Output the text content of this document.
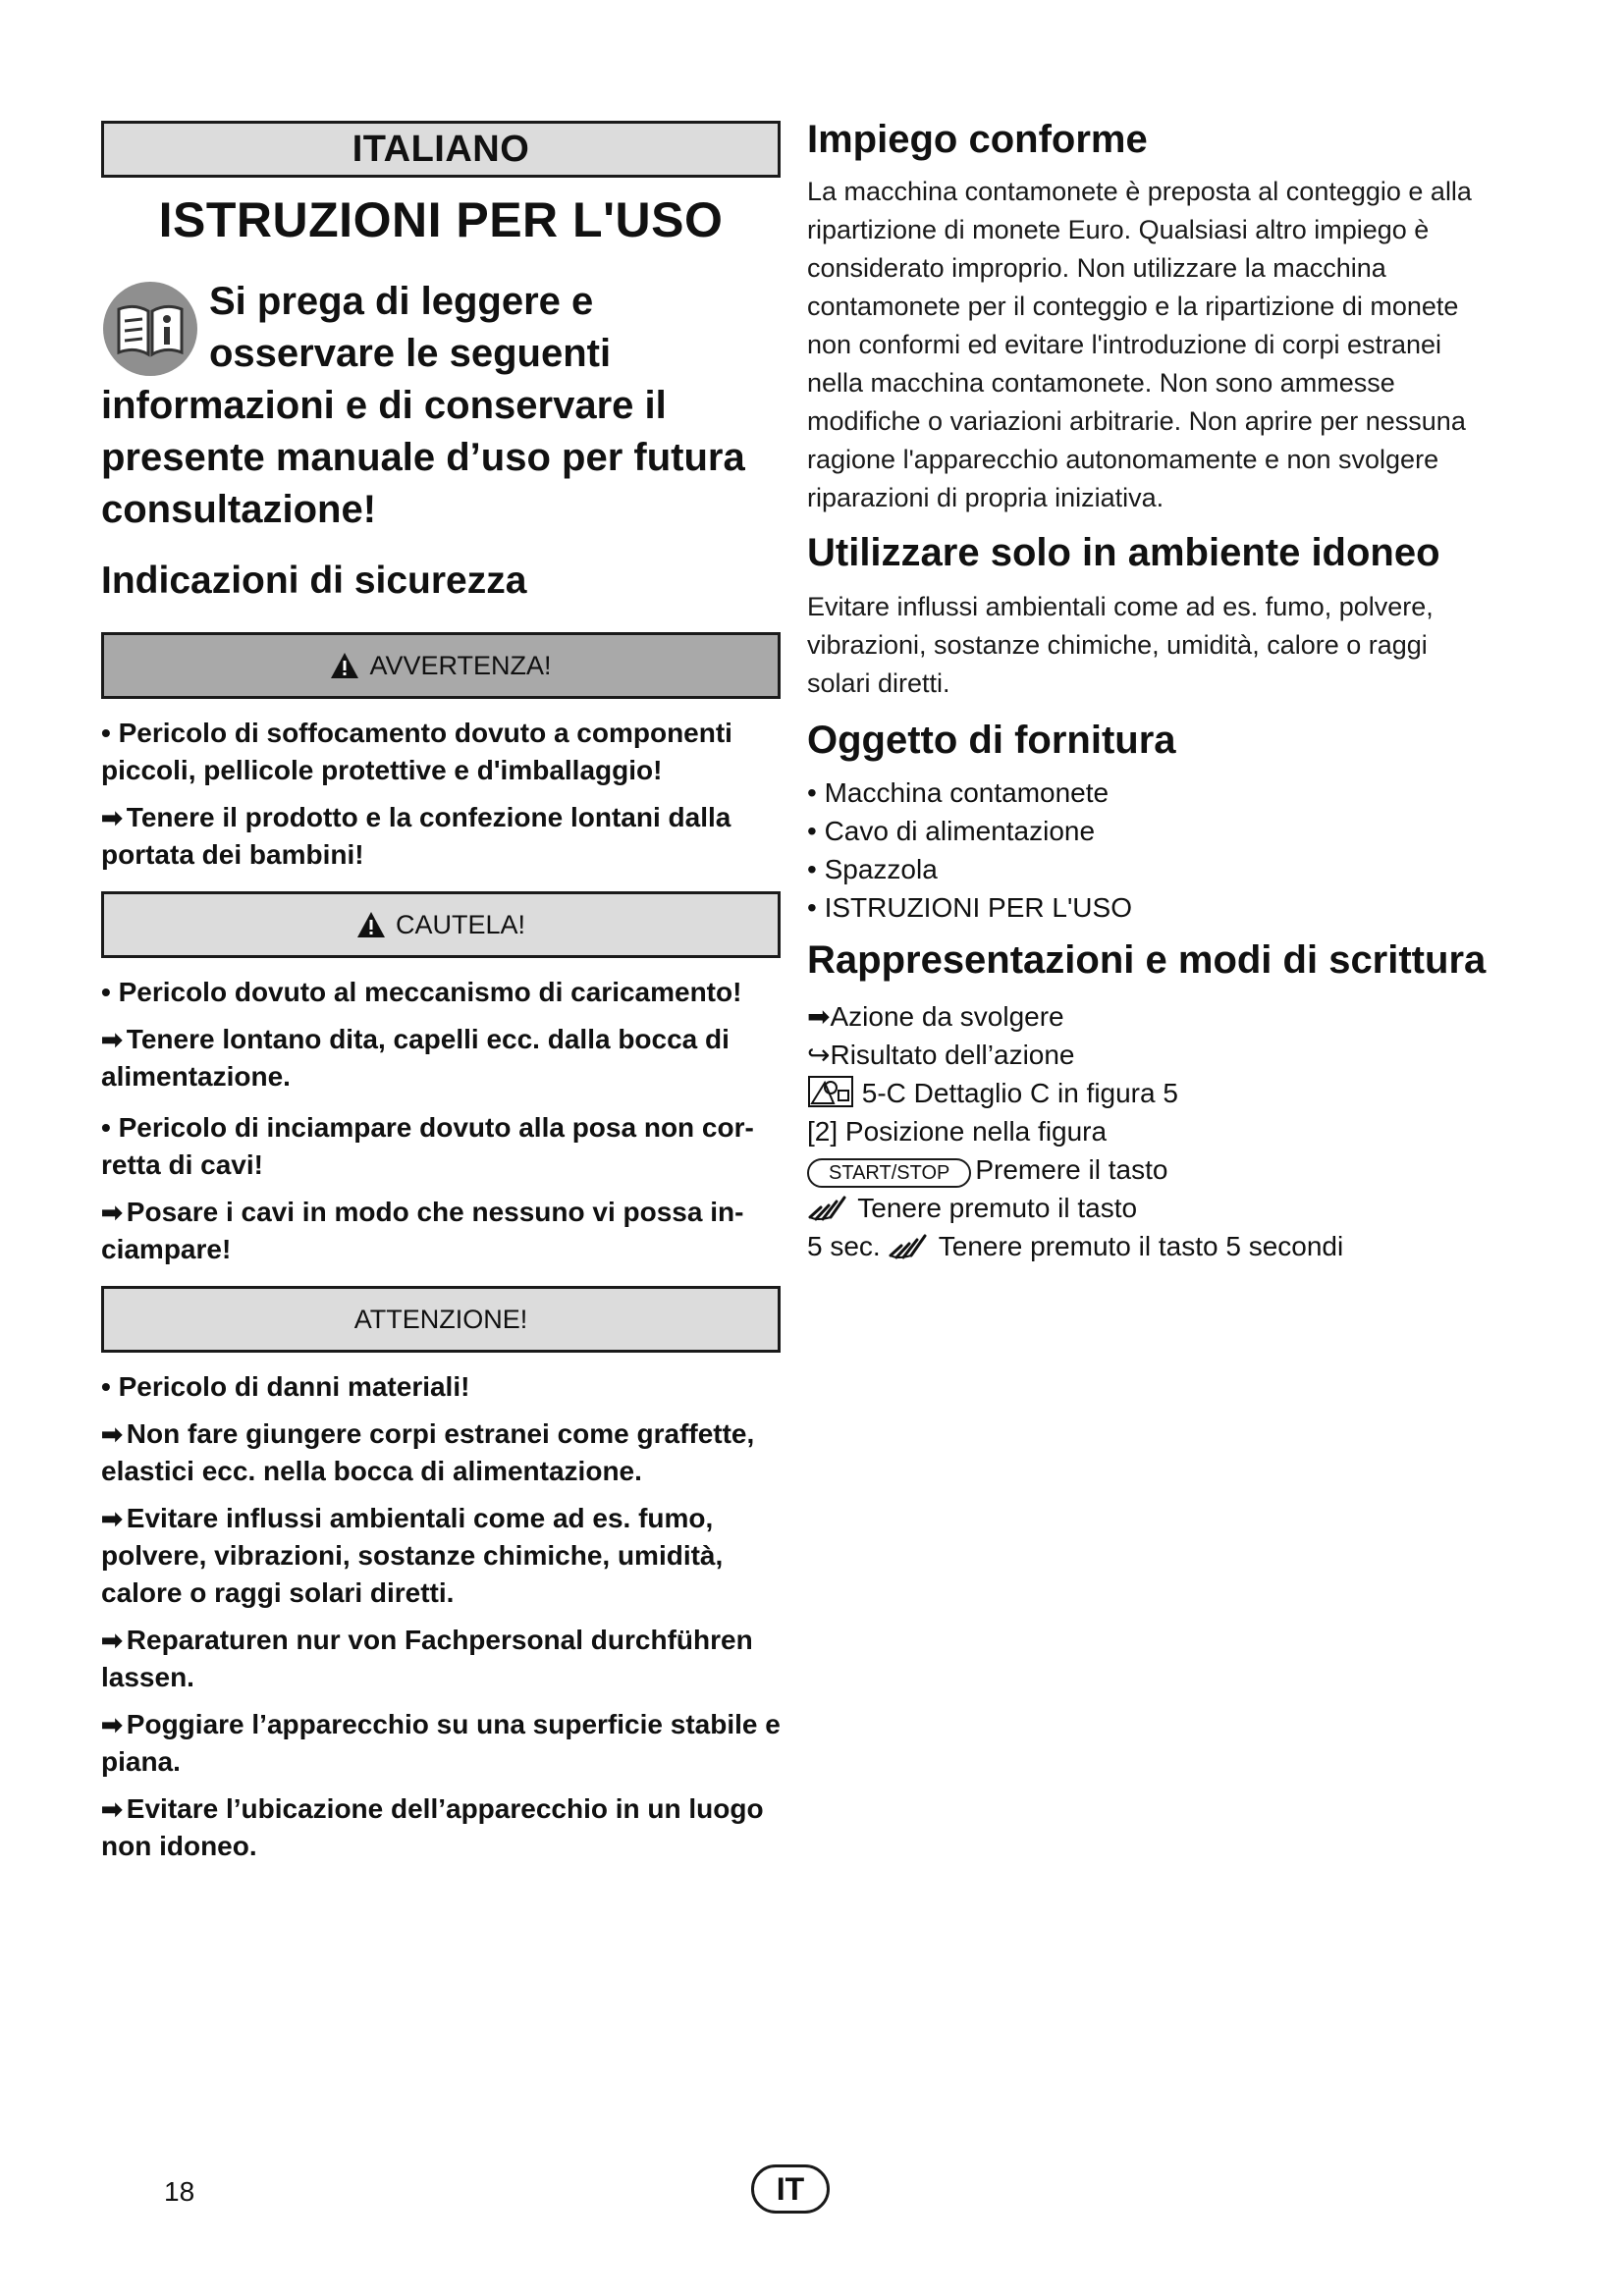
ITALIANO
ISTRUZIONI PER L'USO
Si prega di leggere e osservare le seguenti informazioni e di conservare il presente manuale d’uso per futura consultazione!
Indicazioni di sicurezza
AVVERTENZA!
• Pericolo di soffocamento dovuto a componenti piccoli, pellicole protettive e d'imballaggio!
➡ Tenere il prodotto e la confezione lontani dalla portata dei bambini!
CAUTELA!
• Pericolo dovuto al meccanismo di caricamento!
➡ Tenere lontano dita, capelli ecc. dalla bocca di alimentazione.
• Pericolo di inciampare dovuto alla posa non cor-retta di cavi!
➡ Posare i cavi in modo che nessuno vi possa in-ciampare!
ATTENZIONE!
• Pericolo di danni materiali!
➡ Non fare giungere corpi estranei come graffette, elastici ecc. nella bocca di alimentazione.
➡ Evitare influssi ambientali come ad es. fumo, polvere, vibrazioni, sostanze chimiche, umidità, calore o raggi solari diretti.
➡ Reparaturen nur von Fachpersonal durchführen lassen.
➡ Poggiare l’apparecchio su una superficie stabile e piana.
➡ Evitare l’ubicazione dell’apparecchio in un luogo non idoneo.
Impiego conforme
La macchina contamonete è preposta al conteggio e alla ripartizione di monete Euro. Qualsiasi altro impiego è considerato improprio. Non utilizzare la macchina contamonete per il conteggio e la ripartizione di monete non conformi ed evitare l'introduzione di corpi estranei nella macchina contamonete. Non sono ammesse modifiche o variazioni arbitrarie. Non aprire per nessuna ragione l'apparecchio autonomamente e non svolgere riparazioni di propria iniziativa.
Utilizzare solo in ambiente idoneo
Evitare influssi ambientali come ad es. fumo, polvere, vibrazioni, sostanze chimiche, umidità, calore o raggi solari diretti.
Oggetto di fornitura
• Macchina contamonete
• Cavo di alimentazione
• Spazzola
• ISTRUZIONI PER L'USO
Rappresentazioni e modi di scrittura
➡Azione da svolgere
↪Risultato dell’azione
5-C Dettaglio C in figura 5
[2] Posizione nella figura
START/STOP Premere il tasto
Tenere premuto il tasto
5 sec. Tenere premuto il tasto 5 secondi
18	IT
